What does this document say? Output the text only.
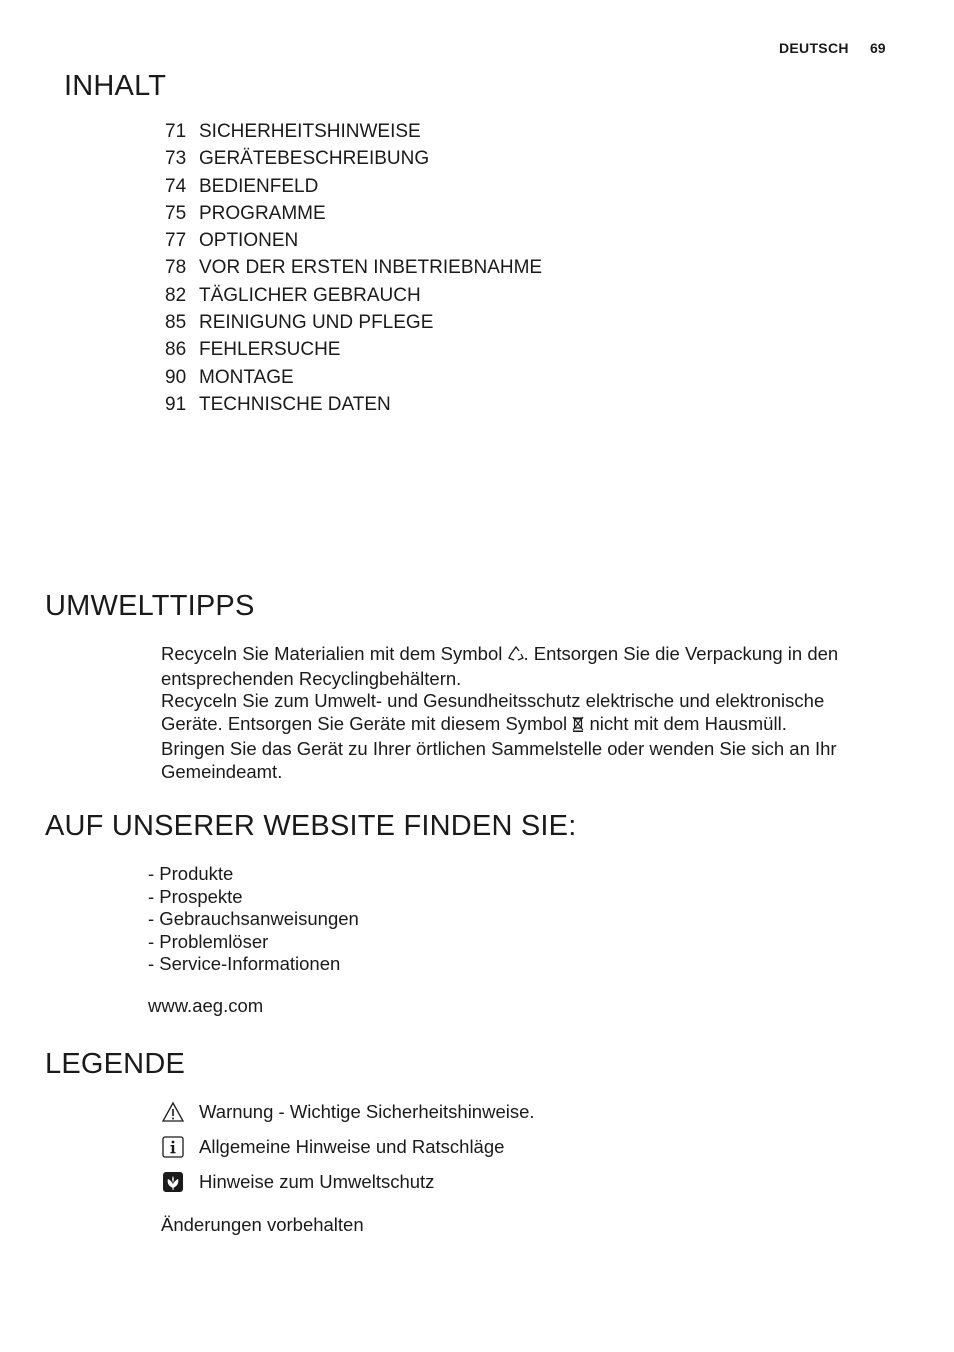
DEUTSCH 69
INHALT
71 SICHERHEITSHINWEISE
73 GERÄTEBESCHREIBUNG
74 BEDIENFELD
75 PROGRAMME
77 OPTIONEN
78 VOR DER ERSTEN INBETRIEBNAHME
82 TÄGLICHER GEBRAUCH
85 REINIGUNG UND PFLEGE
86 FEHLERSUCHE
90 MONTAGE
91 TECHNISCHE DATEN
UMWELTTIPPS
Recyceln Sie Materialien mit dem Symbol . Entsorgen Sie die Verpackung in den
entsprechenden Recyclingbehältern.
Recyceln Sie zum Umwelt- und Gesundheitsschutz elektrische und elektronische
Geräte. Entsorgen Sie Geräte mit diesem Symbol nicht mit dem Hausmüll.
Bringen Sie das Gerät zu Ihrer örtlichen Sammelstelle oder wenden Sie sich an Ihr
Gemeindeamt.
AUF UNSERER WEBSITE FINDEN SIE:
- Produkte
- Prospekte
- Gebrauchsanweisungen
- Problemlöser
- Service-Informationen
www.aeg.com
LEGENDE
Warnung - Wichtige Sicherheitshinweise.
Allgemeine Hinweise und Ratschläge
Hinweise zum Umweltschutz
Änderungen vorbehalten
